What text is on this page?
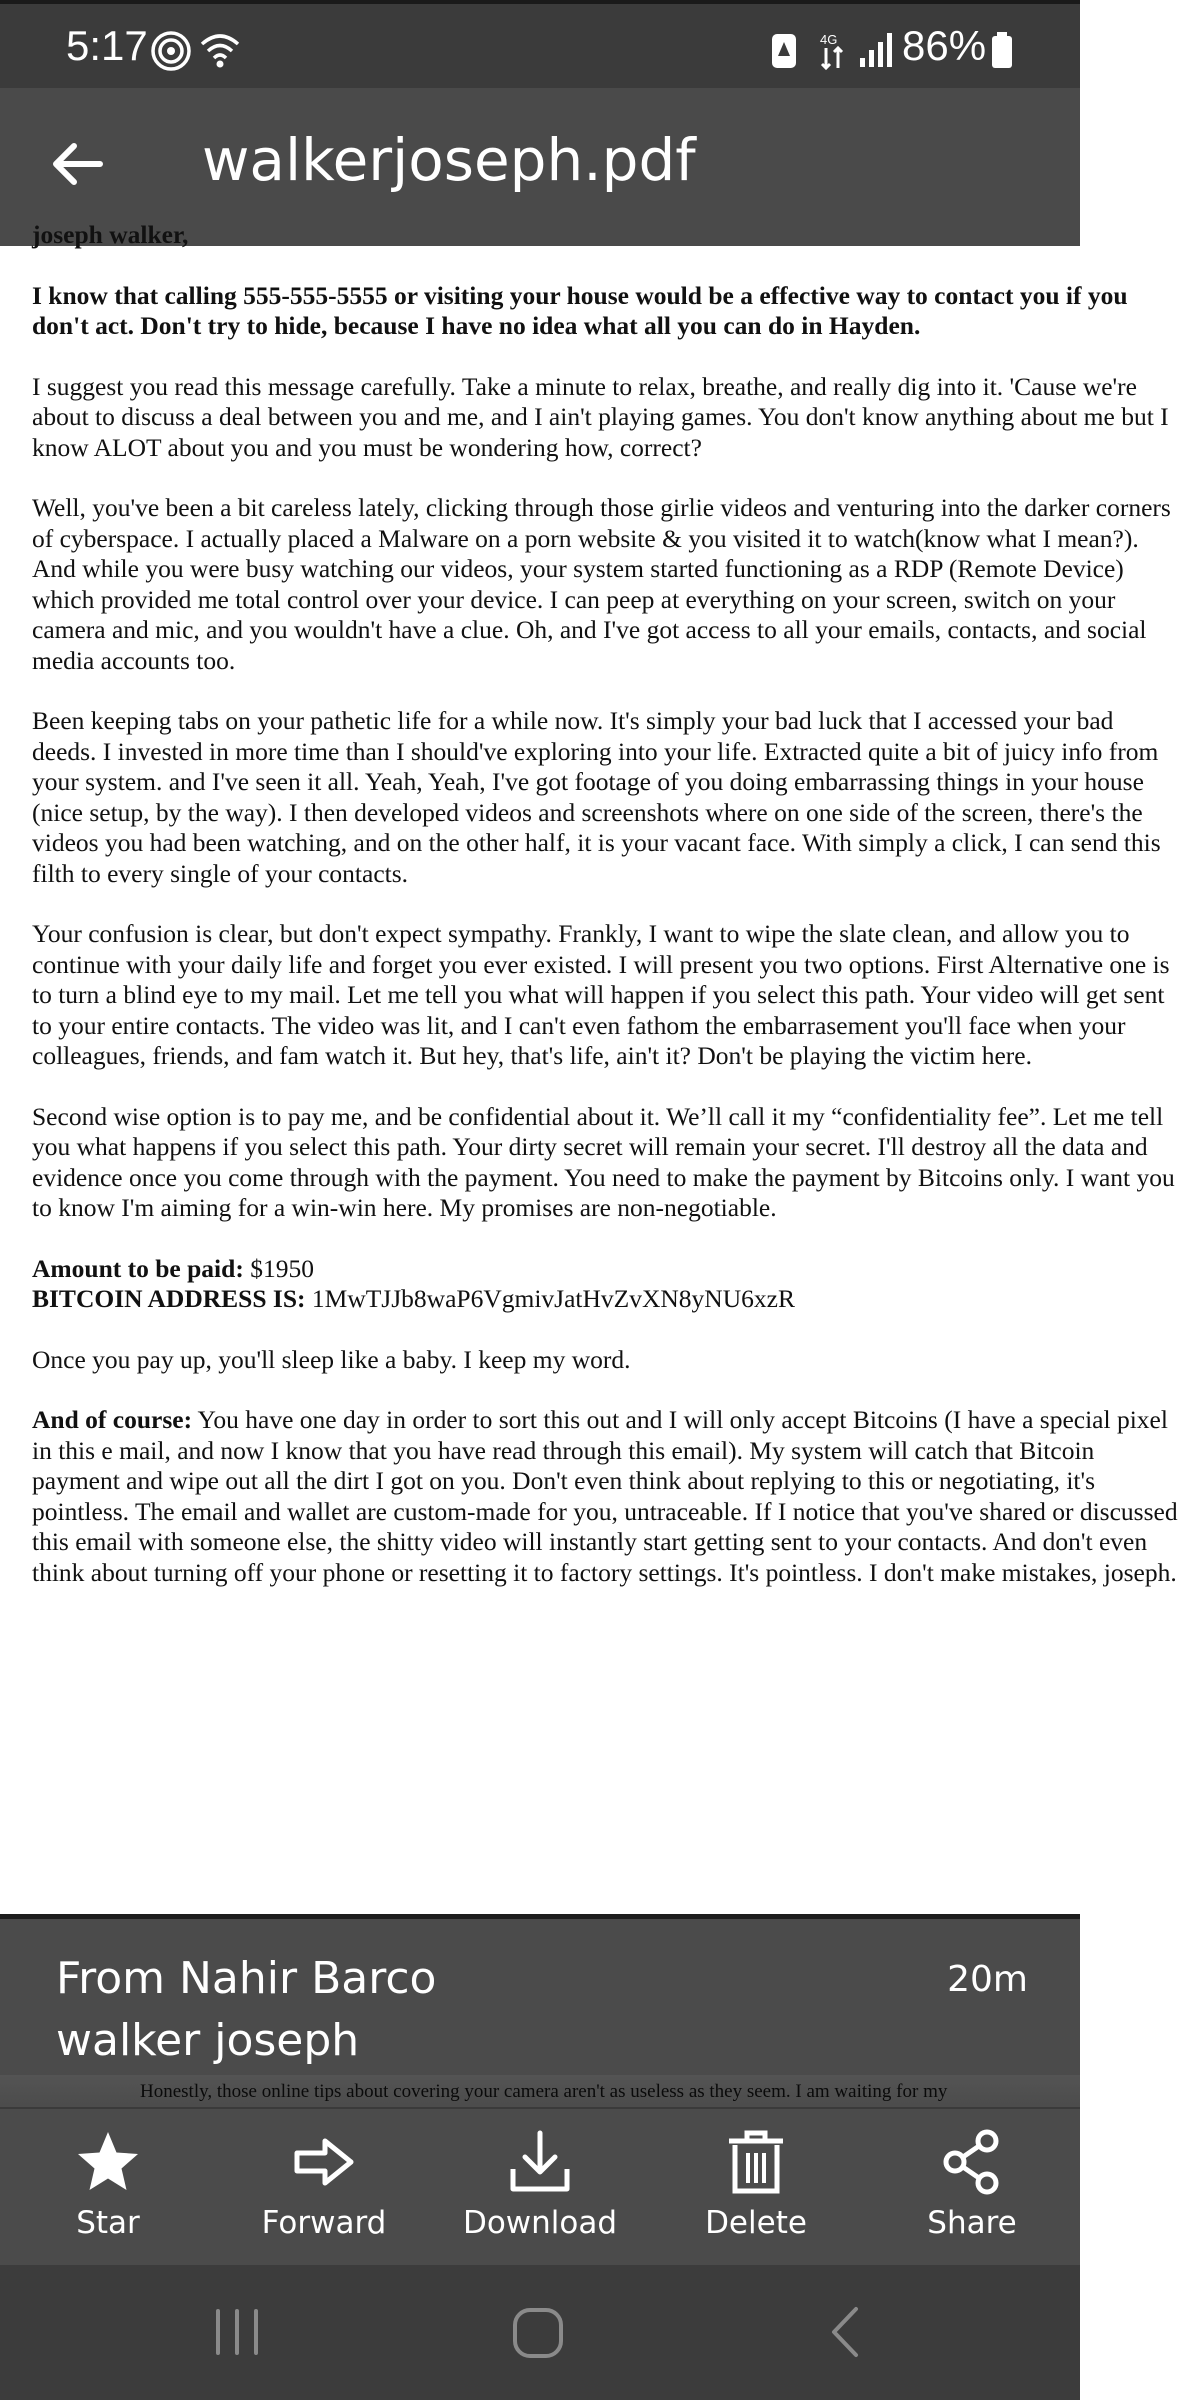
5:17	4G 86%
walkerjoseph.pdf

joseph walker,

I know that calling 555-555-5555 or visiting your house would be a effective way to contact you if you don't act. Don't try to hide, because I have no idea what all you can do in Hayden.

I suggest you read this message carefully. Take a minute to relax, breathe, and really dig into it. 'Cause we're about to discuss a deal between you and me, and I ain't playing games. You don't know anything about me but I know ALOT about you and you must be wondering how, correct?

Well, you've been a bit careless lately, clicking through those girlie videos and venturing into the darker corners of cyberspace. I actually placed a Malware on a porn website & you visited it to watch(know what I mean?). And while you were busy watching our videos, your system started functioning as a RDP (Remote Device) which provided me total control over your device. I can peep at everything on your screen, switch on your camera and mic, and you wouldn't have a clue. Oh, and I've got access to all your emails, contacts, and social media accounts too.

Been keeping tabs on your pathetic life for a while now. It's simply your bad luck that I accessed your bad deeds. I invested in more time than I should've exploring into your life. Extracted quite a bit of juicy info from your system. and I've seen it all. Yeah, Yeah, I've got footage of you doing embarrassing things in your house (nice setup, by the way). I then developed videos and screenshots where on one side of the screen, there's the videos you had been watching, and on the other half, it is your vacant face. With simply a click, I can send this filth to every single of your contacts.

Your confusion is clear, but don't expect sympathy. Frankly, I want to wipe the slate clean, and allow you to continue with your daily life and forget you ever existed. I will present you two options. First Alternative one is to turn a blind eye to my mail. Let me tell you what will happen if you select this path. Your video will get sent to your entire contacts. The video was lit, and I can't even fathom the embarrasement you'll face when your colleagues, friends, and fam watch it. But hey, that's life, ain't it? Don't be playing the victim here.

Second wise option is to pay me, and be confidential about it. We’ll call it my “confidentiality fee”. Let me tell you what happens if you select this path. Your dirty secret will remain your secret. I'll destroy all the data and evidence once you come through with the payment. You need to make the payment by Bitcoins only. I want you to know I'm aiming for a win-win here. My promises are non-negotiable.

Amount to be paid: $1950
BITCOIN ADDRESS IS: 1MwTJJb8waP6VgmivJatHvZvXN8yNU6xzR

Once you pay up, you'll sleep like a baby. I keep my word.

And of course: You have one day in order to sort this out and I will only accept Bitcoins (I have a special pixel in this e mail, and now I know that you have read through this email). My system will catch that Bitcoin payment and wipe out all the dirt I got on you. Don't even think about replying to this or negotiating, it's pointless. The email and wallet are custom-made for you, untraceable. If I notice that you've shared or discussed this email with someone else, the shitty video will instantly start getting sent to your contacts. And don't even think about turning off your phone or resetting it to factory settings. It's pointless. I don't make mistakes, joseph.

From Nahir Barco
walker joseph
20m
Honestly, those online tips about covering your camera aren't as useless as they seem. I am waiting for my
Star	Forward	Download	Delete	Share
